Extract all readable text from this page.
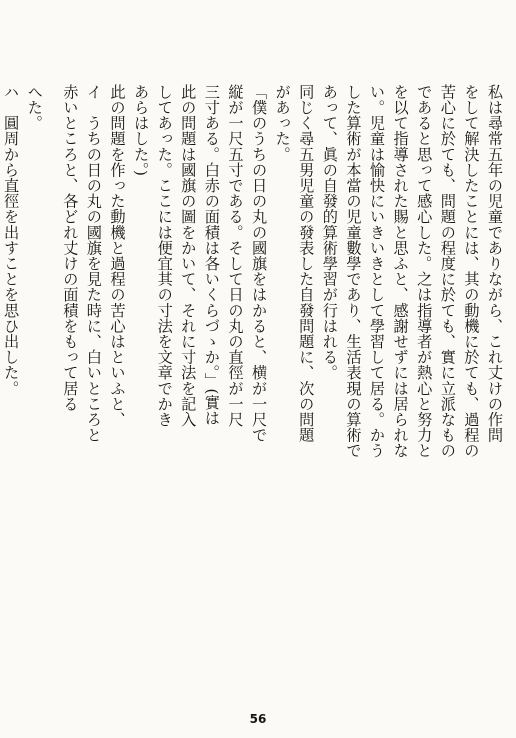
私は尋常五年の児童でありながら、これ丈けの作問
をして解決したことには、其の動機に於ても、過程の
苦心に於ても、問題の程度に於ても、實に立派なもの
であると思って感心した。之は指導者が熱心と努力と
を以て指導された賜と思ふと、感謝せずには居られな
い。児童は愉快にいきいきとして學習して居る。かう
した算術が本當の児童數學であり、生活表現の算術で
あって、眞の自發的算術學習が行はれる。
同じく尋五男児童の發表した自發問題に、次の問題
があった。
「僕のうちの日の丸の國旗をはかると、横が一尺で
縦が一尺五寸である。そして日の丸の直徑が一尺
三寸ある。白赤の面積は各いくらづゝか。」(實は
此の問題は國旗の圖をかいて、それに寸法を記入
してあった。ここには便宜其の寸法を文章でかき
あらはした。)
此の問題を作った動機と過程の苦心はといふと、
イ　うちの日の丸の國旗を見た時に、白いところと
赤いところと、各どれ丈けの面積をもって居る
へた。
ハ　圓周から直徑を出すことを思ひ出した。
56
